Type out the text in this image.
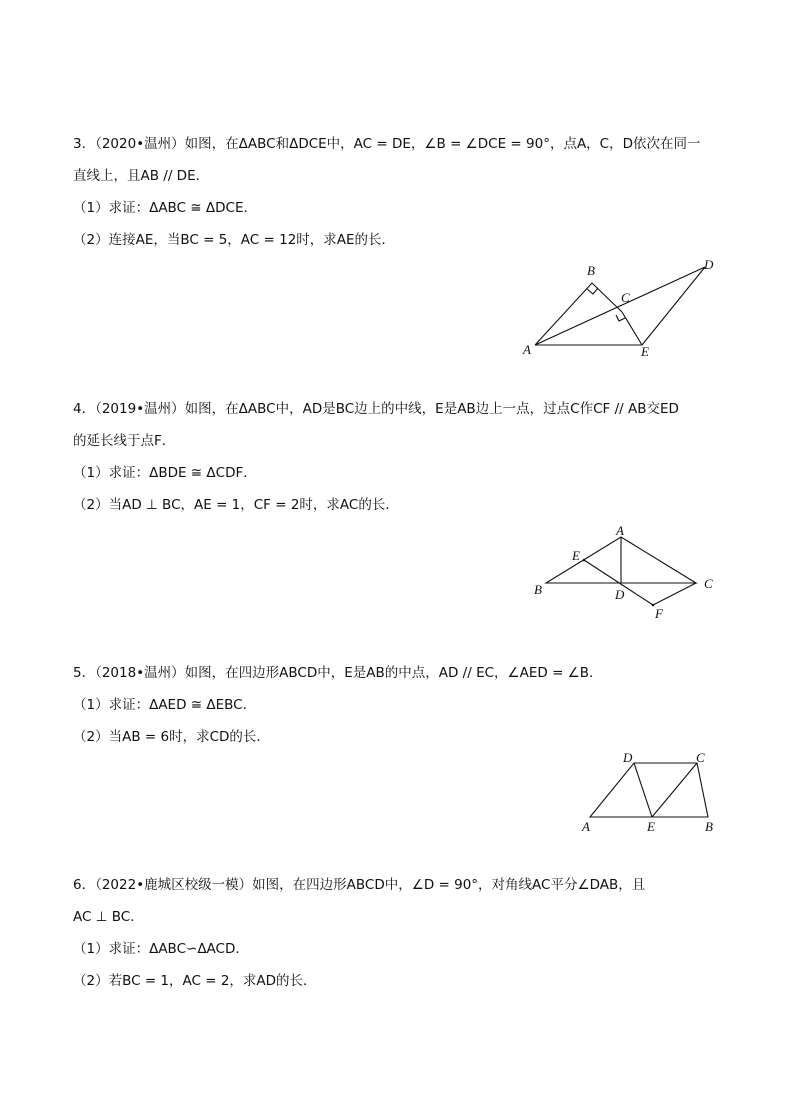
3．（2020•温州）如图，在ΔABC和ΔDCE中，AC = DE，∠B = ∠DCE = 90°，点A，C，D依次在同一

直线上，且AB // DE．

（1）求证：ΔABC ≅ ΔDCE．

（2）连接AE，当BC = 5，AC = 12时，求AE的长．

B
C
D
A	E

4．（2019•温州）如图，在ΔABC中，AD是BC边上的中线，E是AB边上一点，过点C作CF // AB交ED

的延长线于点F．

（1）求证：ΔBDE ≅ ΔCDF．

（2）当AD ⊥ BC，AE = 1，CF = 2时，求AC的长．

A
E
B	D
C
F

5．（2018•温州）如图，在四边形ABCD中，E是AB的中点，AD // EC，∠AED = ∠B．

（1）求证：ΔAED ≅ ΔEBC．

（2）当AB = 6时，求CD的长．

D	C
A	E	B

6．（2022•鹿城区校级一模）如图，在四边形ABCD中，∠D = 90°，对角线AC平分∠DAB，且

AC ⊥ BC．

（1）求证：ΔABC∽ΔACD．

（2）若BC = 1，AC = 2，求AD的长．
